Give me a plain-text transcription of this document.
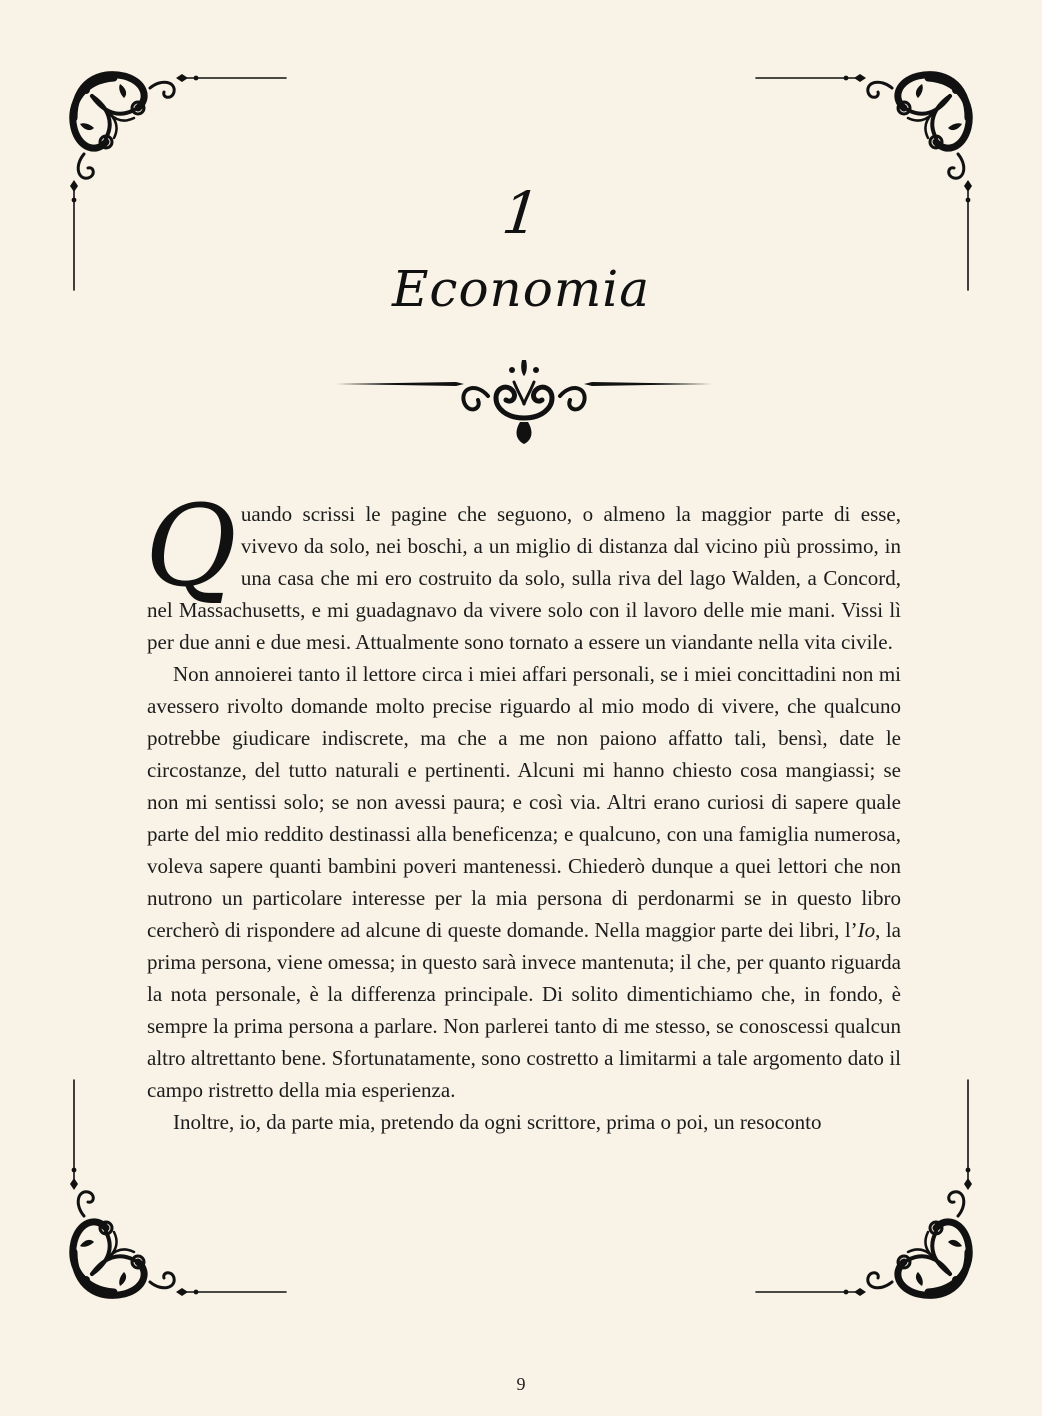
1
Economia

Quando scrissi le pagine che seguono, o almeno la maggior parte di esse, vivevo da solo, nei boschi, a un miglio di distanza dal vicino più prossimo, in una casa che mi ero costruito da solo, sulla riva del lago Walden, a Concord, nel Massachusetts, e mi guadagnavo da vivere solo con il lavoro delle mie mani. Vissi lì per due anni e due mesi. Attualmente sono tornato a essere un viandante nella vita civile.

Non annoierei tanto il lettore circa i miei affari personali, se i miei concittadini non mi avessero rivolto domande molto precise riguardo al mio modo di vivere, che qualcuno potrebbe giudicare indiscrete, ma che a me non paiono affatto tali, bensì, date le circostanze, del tutto naturali e pertinenti. Alcuni mi hanno chiesto cosa mangiassi; se non mi sentissi solo; se non avessi paura; e così via. Altri erano curiosi di sapere quale parte del mio reddito destinassi alla beneficenza; e qualcuno, con una famiglia numerosa, voleva sapere quanti bambini poveri mantenessi. Chiederò dunque a quei lettori che non nutrono un particolare interesse per la mia persona di perdonarmi se in questo libro cercherò di rispondere ad alcune di queste domande. Nella maggior parte dei libri, l’Io, la prima persona, viene omessa; in questo sarà invece mantenuta; il che, per quanto riguarda la nota personale, è la differenza principale. Di solito dimentichiamo che, in fondo, è sempre la prima persona a parlare. Non parlerei tanto di me stesso, se conoscessi qualcun altro altrettanto bene. Sfortunatamente, sono costretto a limitarmi a tale argomento dato il campo ristretto della mia esperienza.

Inoltre, io, da parte mia, pretendo da ogni scrittore, prima o poi, un resoconto

9
